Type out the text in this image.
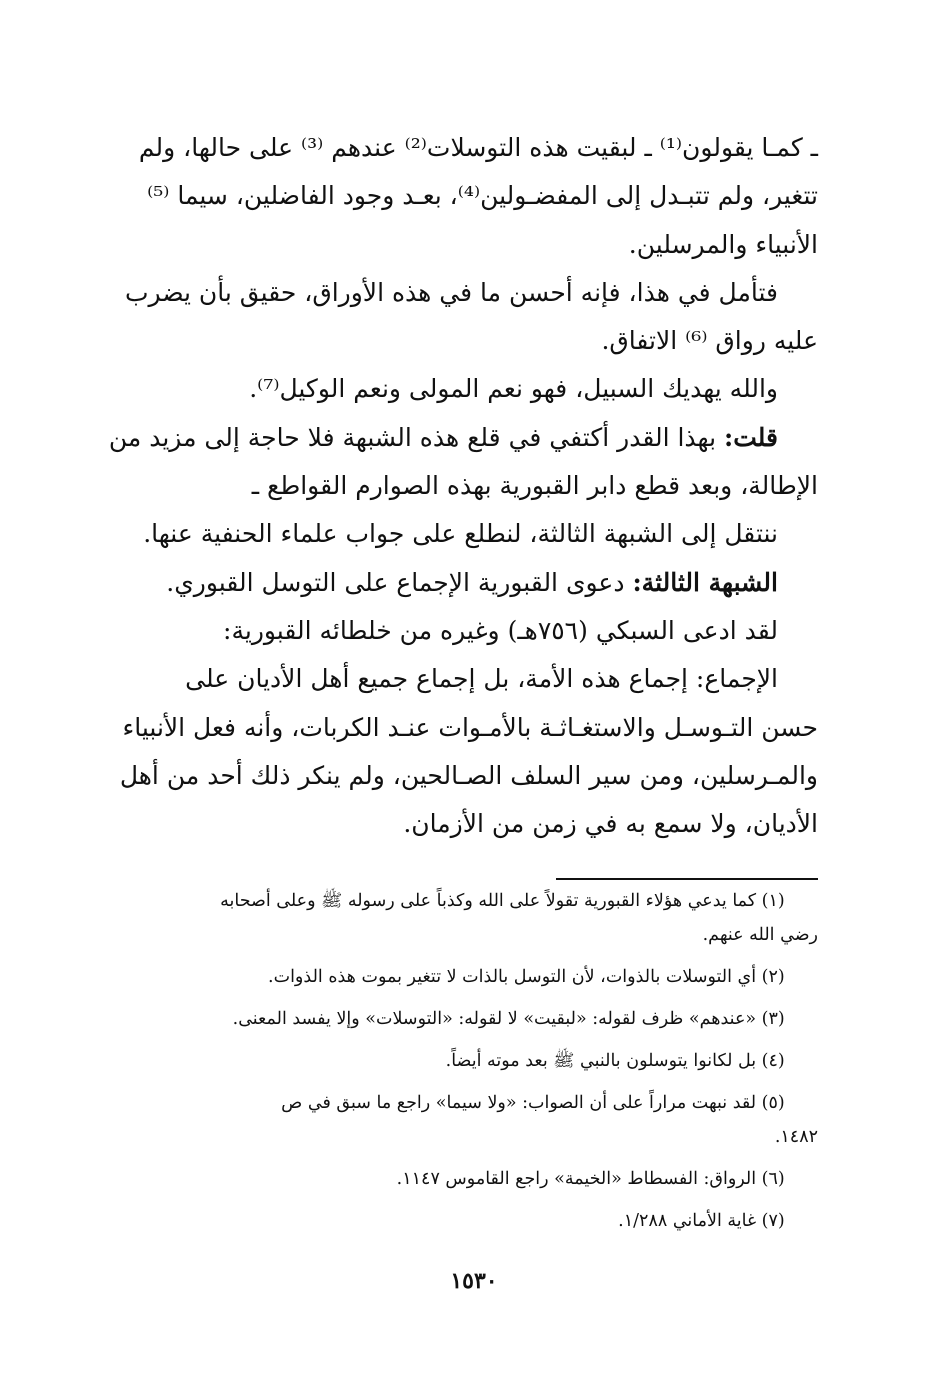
ـ كمـا يقولون⁽¹⁾ ـ لبقيت هذه التوسلات⁽²⁾ عندهم ⁽³⁾ على حالها، ولم

تتغير، ولم تتبـدل إلى المفضـولين⁽⁴⁾، بعـد وجود الفاضلين، سيما ⁽⁵⁾

الأنبياء والمرسلين.

فتأمل في هذا، فإنه أحسن ما في هذه الأوراق، حقيق بأن يضرب

عليه رواق ⁽⁶⁾ الاتفاق.

والله يهديك السبيل، فهو نعم المولى ونعم الوكيل⁽⁷⁾.

قلت: بهذا القدر أكتفي في قلع هذه الشبهة فلا حاجة إلى مزيد من

الإطالة، وبعد قطع دابر القبورية بهذه الصوارم القواطع ـ

ننتقل إلى الشبهة الثالثة، لنطلع على جواب علماء الحنفية عنها.

الشبهة الثالثة: دعوى القبورية الإجماع على التوسل القبوري.

لقد ادعى السبكي (٧٥٦هـ) وغيره من خلطائه القبورية:

الإجماع: إجماع هذه الأمة، بل إجماع جميع أهل الأديان على

حسن التـوسـل والاستغـاثـة بالأمـوات عنـد الكربات، وأنه فعل الأنبياء

والمـرسلين، ومن سير السلف الصـالحين، ولم ينكر ذلك أحد من أهل

الأديان، ولا سمع به في زمن من الأزمان.

(١) كما يدعي هؤلاء القبورية تقولاً على الله وكذباً على رسوله ﷺ وعلى أصحابه

رضي الله عنهم.

(٢) أي التوسلات بالذوات، لأن التوسل بالذات لا تتغير بموت هذه الذوات.

(٣) «عندهم» ظرف لقوله: «لبقيت» لا لقوله: «التوسلات» وإلا يفسد المعنى.

(٤) بل لكانوا يتوسلون بالنبي ﷺ بعد موته أيضاً.

(٥) لقد نبهت مراراً على أن الصواب: «ولا سيما» راجع ما سبق في ص

١٤٨٢.

(٦) الرواق: الفسطاط «الخيمة» راجع القاموس ١١٤٧.

(٧) غاية الأماني ١/٢٨٨.

١٥٣٠
